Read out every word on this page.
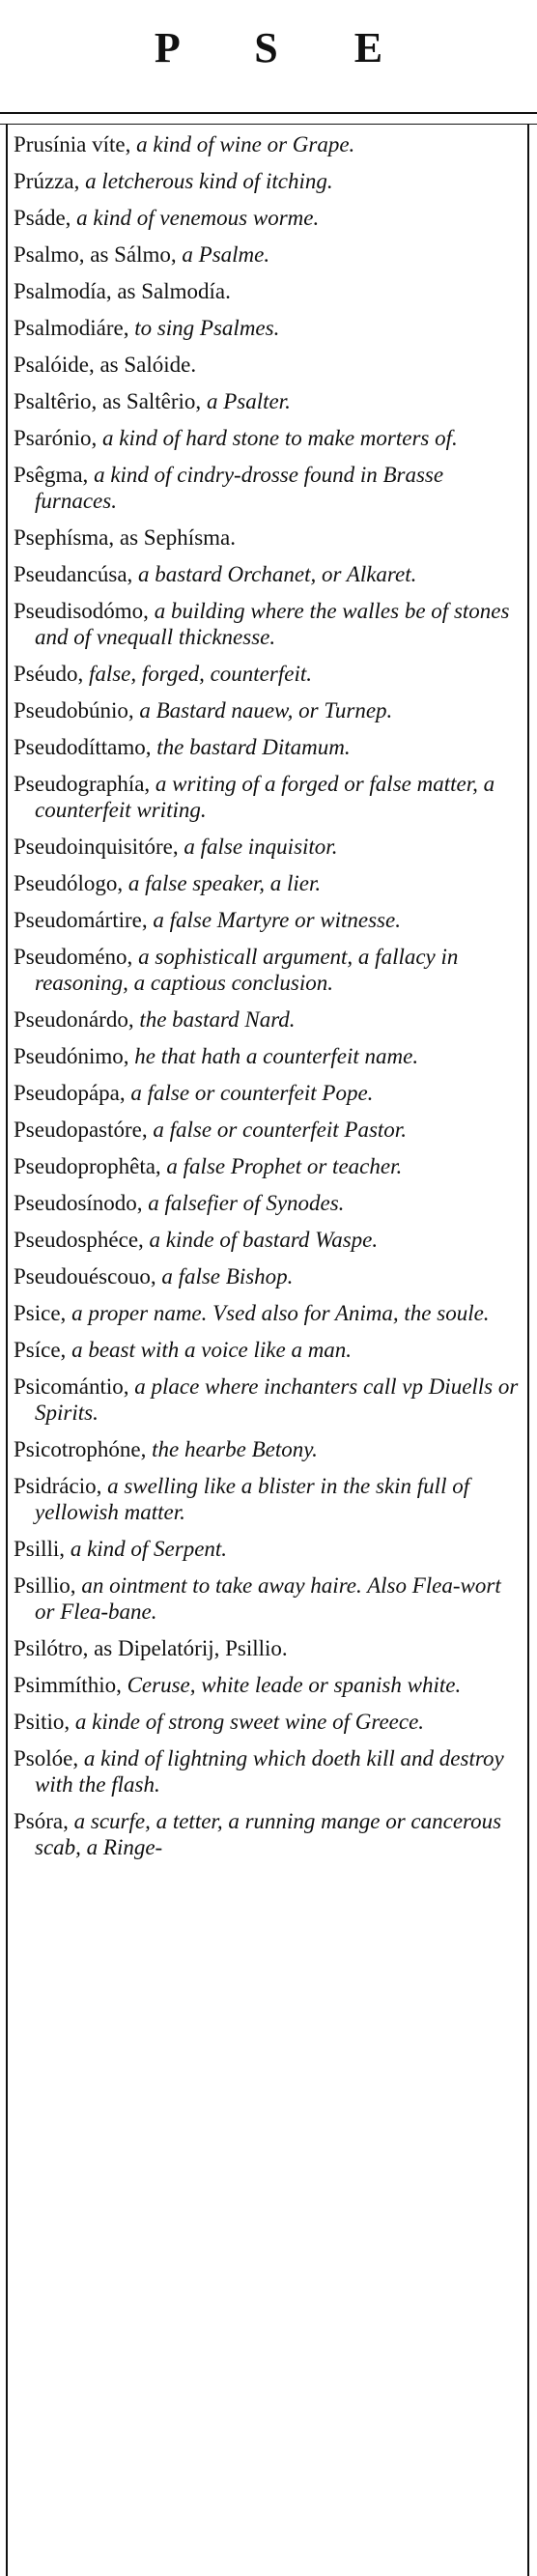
P S E
Prusínia víte, a kind of wine or Grape.
Prúzza, a letcherous kind of itching.
Psáde, a kind of venemous worme.
Psalmo, as Sálmo, a Psalme.
Psalmodía, as Salmodía.
Psalmodiáre, to sing Psalmes.
Psalóide, as Salóide.
Psaltêrio, as Saltêrio, a Psalter.
Psarónio, a kind of hard stone to make morters of.
Psêgma, a kind of cindry-drosse found in Brasse furnaces.
Psephísma, as Sephísma.
Pseudancúsa, a bastard Orchanet, or Alkaret.
Pseudisodómo, a building where the walles be of stones and of vnequall thicknesse.
Pséudo, false, forged, counterfeit.
Pseudobúnio, a Bastard nauew, or Turnep.
Pseudodíttamo, the bastard Ditamum.
Pseudographía, a writing of a forged or false matter, a counterfeit writing.
Pseudoinquisitóre, a false inquisitor.
Pseudólogo, a false speaker, a lier.
Pseudomártire, a false Martyre or witnesse.
Pseudoméno, a sophisticall argument, a fallacy in reasoning, a captious conclusion.
Pseudonárdo, the bastard Nard.
Pseudónimo, he that hath a counterfeit name.
Pseudopápa, a false or counterfeit Pope.
Pseudopastóre, a false or counterfeit Pastor.
Pseudoprophêta, a false Prophet or teacher.
Pseudosínodo, a falsefier of Synodes.
Pseudosphéce, a kinde of bastard Waspe.
Pseudouéscouo, a false Bishop.
Psice, a proper name. Vsed also for Anima, the soule.
Psíce, a beast with a voice like a man.
Psicomántio, a place where inchanters call vp Diuells or Spirits.
Psicotrophóne, the hearbe Betony.
Psidrácio, a swelling like a blister in the skin full of yellowish matter.
Psilli, a kind of Serpent.
Psillio, an ointment to take away haire. Also Flea-wort or Flea-bane.
Psilótro, as Dipelatórij, Psillio.
Psimmíthio, Ceruse, white leade or spanish white.
Psitio, a kinde of strong sweet wine of Greece.
Psolóe, a kind of lightning which doeth kill and destroy with the flash.
Psóra, a scurfe, a tetter, a running mange or cancerous scab, a Ringe-
